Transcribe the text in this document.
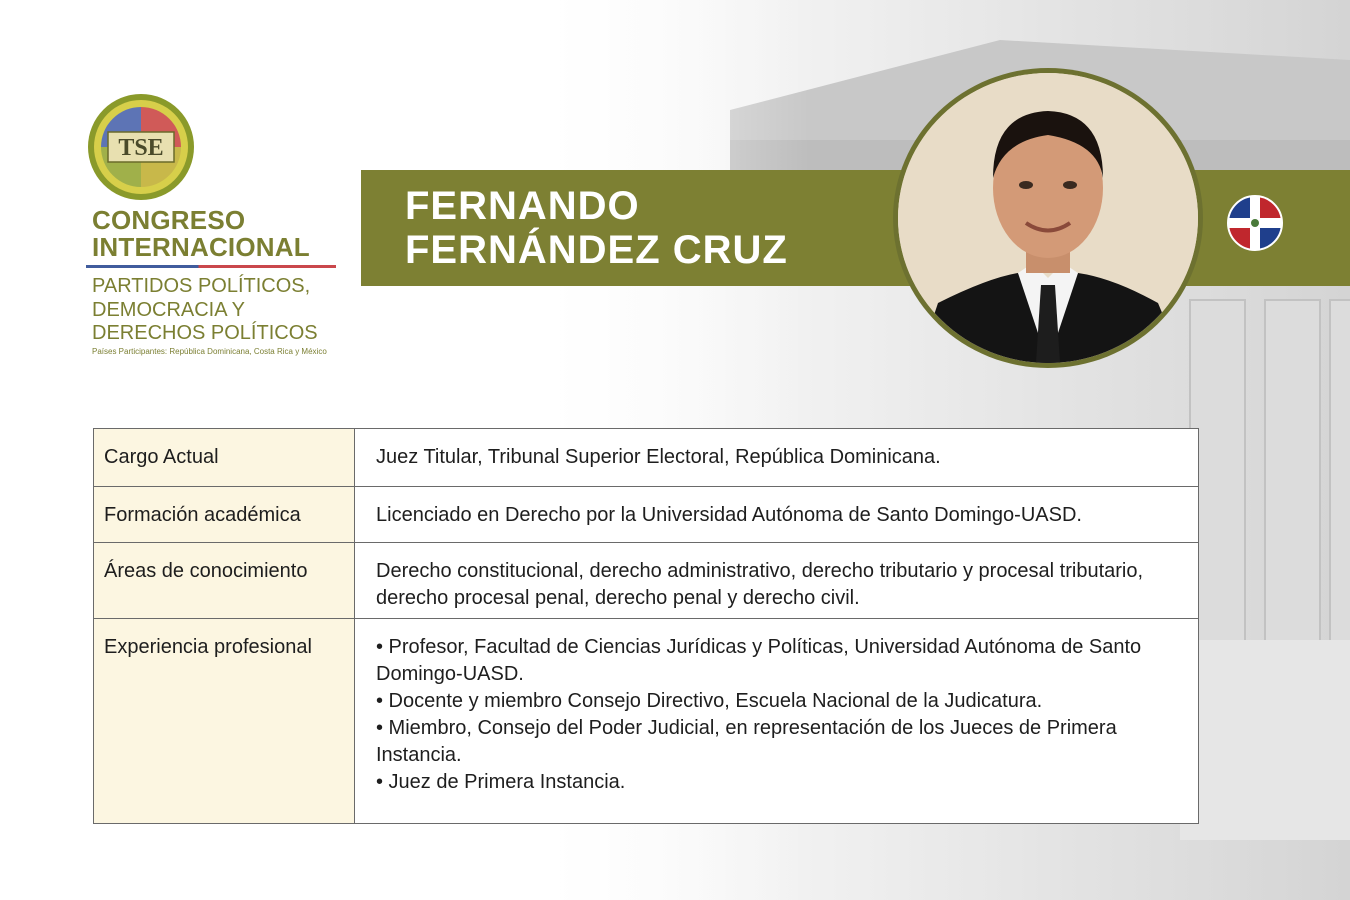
TSE
CONGRESO
INTERNACIONAL
PARTIDOS POLÍTICOS,
DEMOCRACIA Y
DERECHOS POLÍTICOS
Países Participantes: República Dominicana, Costa Rica y México
FERNANDO
FERNÁNDEZ CRUZ
Cargo Actual	Juez Titular, Tribunal Superior Electoral, República Dominicana.
Formación académica	Licenciado en Derecho por la Universidad Autónoma de Santo Domingo-UASD.
Áreas de conocimiento	Derecho constitucional, derecho administrativo, derecho tributario y procesal tributario, derecho procesal penal, derecho penal y derecho civil.
Experiencia profesional	• Profesor, Facultad de Ciencias Jurídicas y Políticas, Universidad Autónoma de Santo Domingo-UASD.
• Docente y miembro Consejo Directivo, Escuela Nacional de la Judicatura.
• Miembro, Consejo del Poder Judicial, en representación de los Jueces de Primera Instancia.
• Juez de Primera Instancia.
